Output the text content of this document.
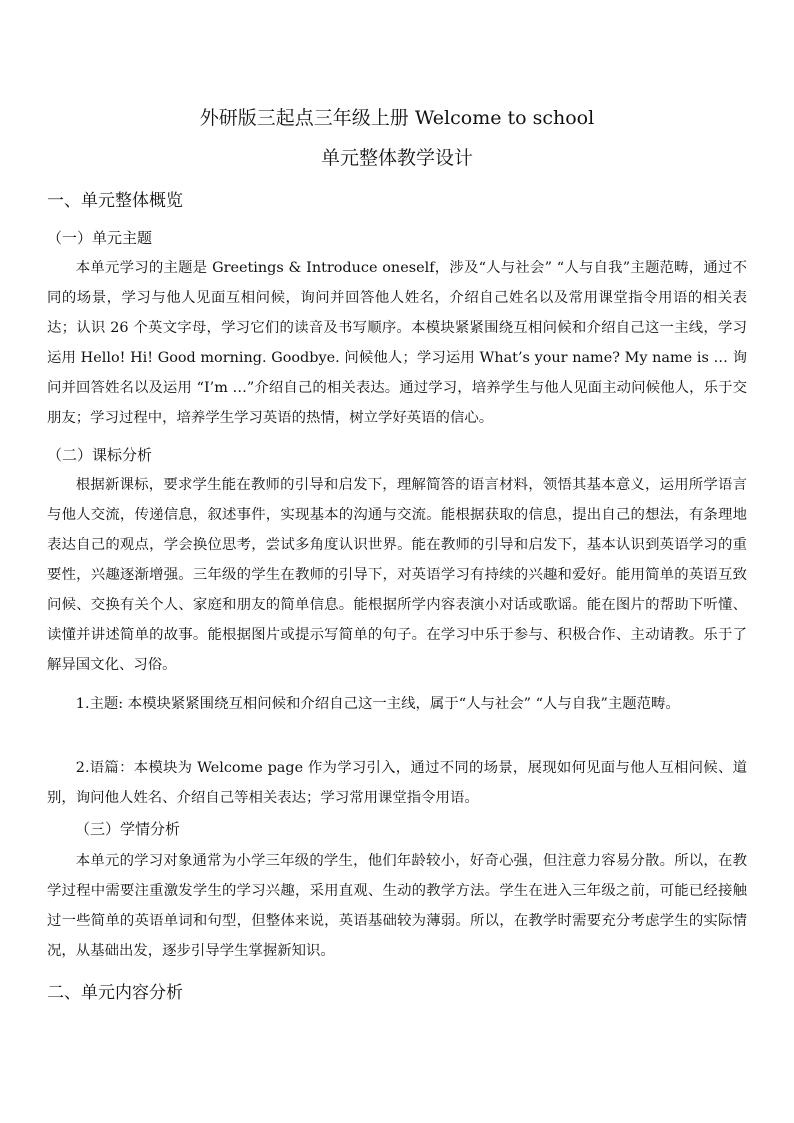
外研版三起点三年级上册 Welcome to school
单元整体教学设计
一、单元整体概览
（一）单元主题

本单元学习的主题是 Greetings & Introduce oneself，涉及“人与社会” “人与自我”主题范畴，通过不同的场景，学习与他人见面互相问候，询问并回答他人姓名，介绍自己姓名以及常用课堂指令用语的相关表达；认识 26 个英文字母，学习它们的读音及书写顺序。本模块紧紧围绕互相问候和介绍自己这一主线，学习运用 Hello! Hi! Good morning. Goodbye. 问候他人；学习运用 What’s your name? My name is … 询问并回答姓名以及运用 “I’m …”介绍自己的相关表达。通过学习，培养学生与他人见面主动问候他人，乐于交朋友；学习过程中，培养学生学习英语的热情，树立学好英语的信心。

（二）课标分析

根据新课标，要求学生能在教师的引导和启发下，理解简答的语言材料，领悟其基本意义，运用所学语言与他人交流，传递信息，叙述事件，实现基本的沟通与交流。能根据获取的信息，提出自己的想法，有条理地表达自己的观点，学会换位思考，尝试多角度认识世界。能在教师的引导和启发下，基本认识到英语学习的重要性，兴趣逐渐增强。三年级的学生在教师的引导下，对英语学习有持续的兴趣和爱好。能用简单的英语互致问候、交换有关个人、家庭和朋友的简单信息。能根据所学内容表演小对话或歌谣。能在图片的帮助下听懂、读懂并讲述简单的故事。能根据图片或提示写简单的句子。在学习中乐于参与、积极合作、主动请教。乐于了解异国文化、习俗。

1.主题: 本模块紧紧围绕互相问候和介绍自己这一主线，属于“人与社会” “人与自我”主题范畴。

2.语篇：本模块为 Welcome page 作为学习引入，通过不同的场景，展现如何见面与他人互相问候、道别，询问他人姓名、介绍自己等相关表达；学习常用课堂指令用语。

（三）学情分析

本单元的学习对象通常为小学三年级的学生，他们年龄较小，好奇心强，但注意力容易分散。所以，在教学过程中需要注重激发学生的学习兴趣，采用直观、生动的教学方法。学生在进入三年级之前，可能已经接触过一些简单的英语单词和句型，但整体来说，英语基础较为薄弱。所以，在教学时需要充分考虑学生的实际情况，从基础出发，逐步引导学生掌握新知识。

二、单元内容分析
